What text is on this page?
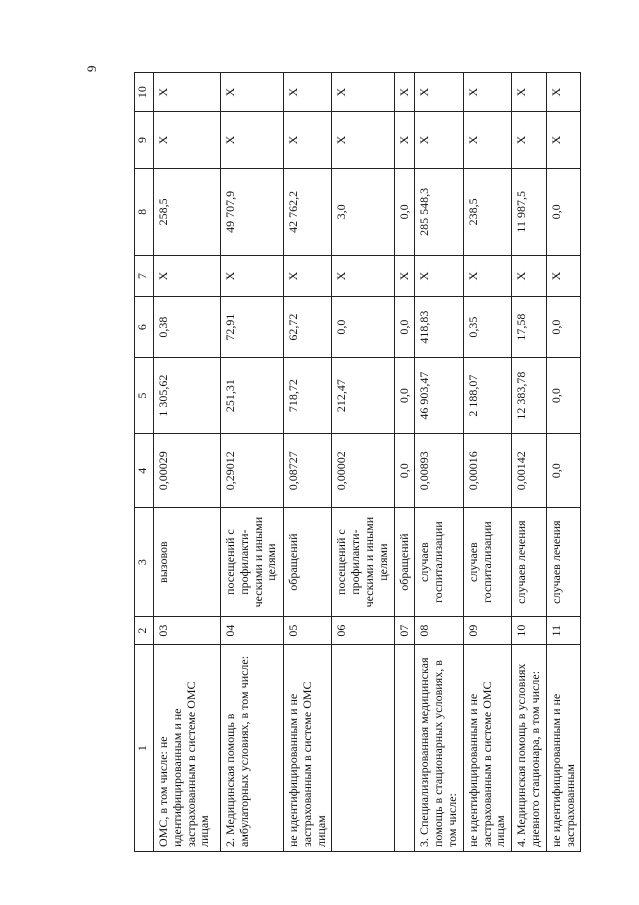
9
1	2	3	4	5	6	7	8	9	10
ОМС, в том числе: не идентифицированным и не застрахованным в системе ОМС лицам	03	вызовов	0,00029	1 305,62	0,38	X	258,5	X	X
2. Медицинская помощь в амбулаторных условиях, в том числе:	04	посещений с профилакти-ческими и иными целями	0,29012	251,31	72,91	X	49 707,9	X	X
не идентифицированным и не застрахованным в системе ОМС лицам	05	обращений	0,08727	718,72	62,72	X	42 762,2	X	X
	06	посещений с профилакти-ческими и иными целями	0,00002	212,47	0,0	X	3,0	X	X
	07	обращений	0,0	0,0	0,0	X	0,0	X	X
3. Специализированная медицинская помощь в стационарных условиях, в том числе:	08	случаев госпитализации	0,00893	46 903,47	418,83	X	285 548,3	X	X
не идентифицированным и не застрахованным в системе ОМС лицам	09	случаев госпитализации	0,00016	2 188,07	0,35	X	238,5	X	X
4. Медицинская помощь в условиях дневного стационара, в том числе:	10	случаев лечения	0,00142	12 383,78	17,58	X	11 987,5	X	X
не идентифицированным и не застрахованным	11	случаев лечения	0,0	0,0	0,0	X	0,0	X	X
